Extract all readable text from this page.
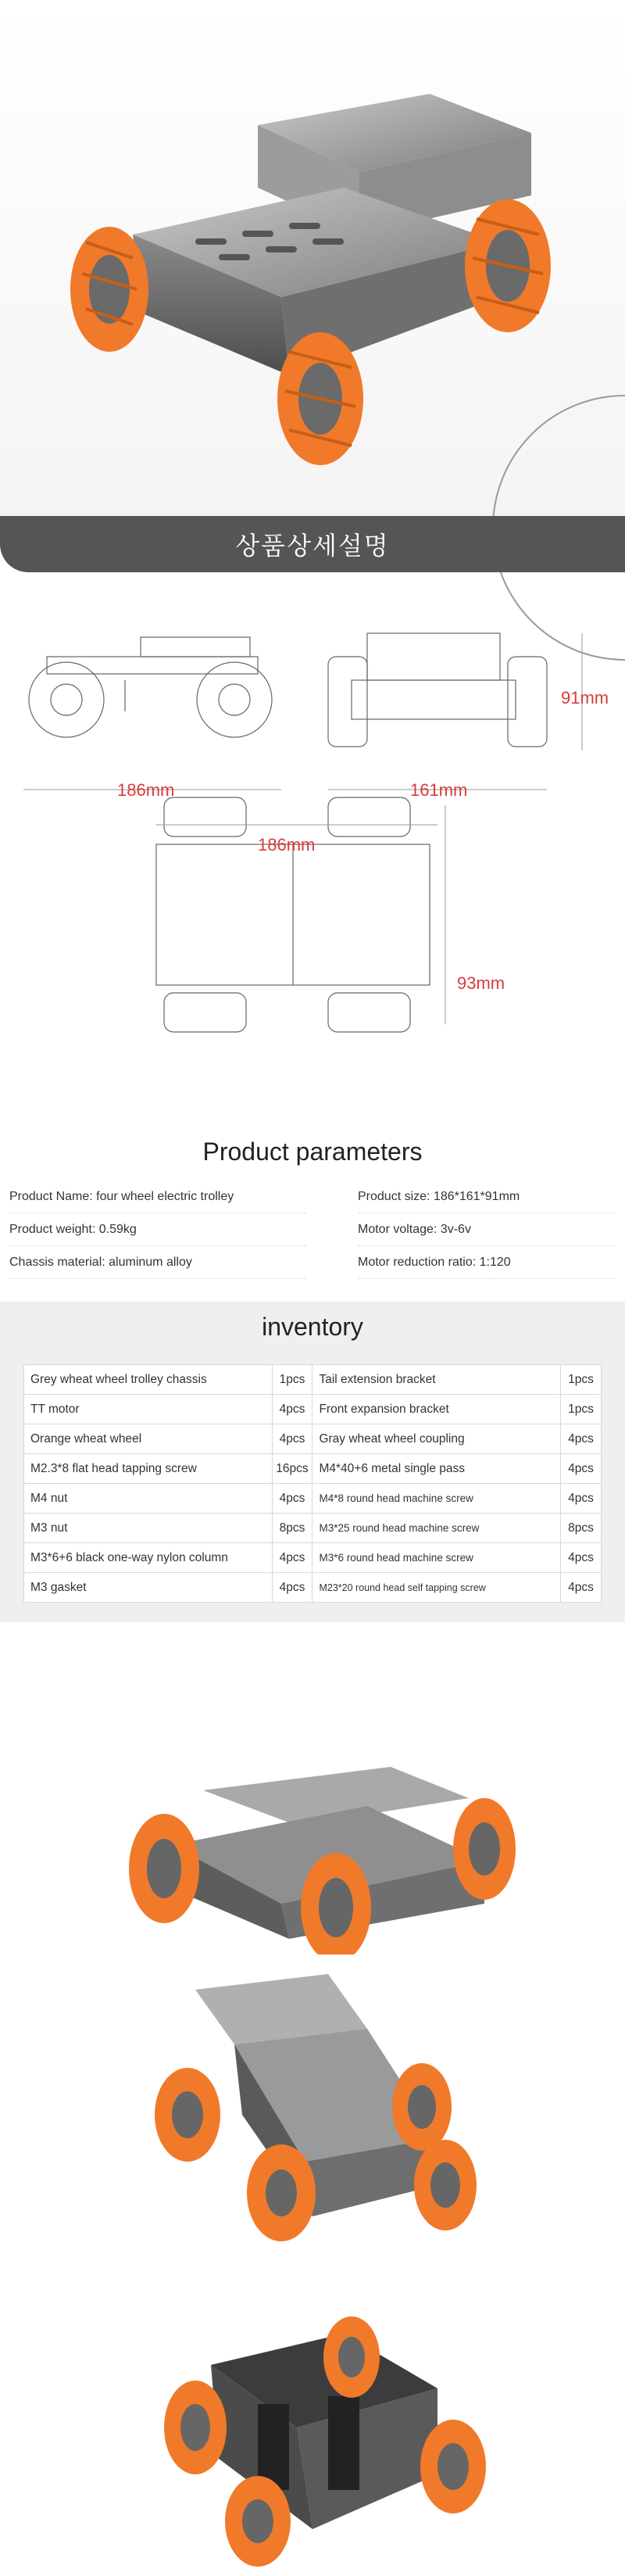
상품상세설명
186mm	161mm
91mm
186mm
93mm
Product parameters
Product Name: four wheel electric trolley	Product size: 186*161*91mm
Product weight: 0.59kg	Motor voltage: 3v-6v
Chassis material: aluminum alloy	Motor reduction ratio: 1:120
inventory
Grey wheat wheel trolley chassis	1pcs	Tail extension bracket	1pcs
TT motor	4pcs	Front expansion bracket	1pcs
Orange wheat wheel	4pcs	Gray wheat wheel coupling	4pcs
M2.3*8 flat head tapping screw	16pcs	M4*40+6 metal single pass	4pcs
M4 nut	4pcs	M4*8 round head machine screw	4pcs
M3 nut	8pcs	M3*25 round head machine screw	8pcs
M3*6+6 black one-way nylon column	4pcs	M3*6 round head machine screw	4pcs
M3 gasket	4pcs	M23*20 round head self tapping screw	4pcs
